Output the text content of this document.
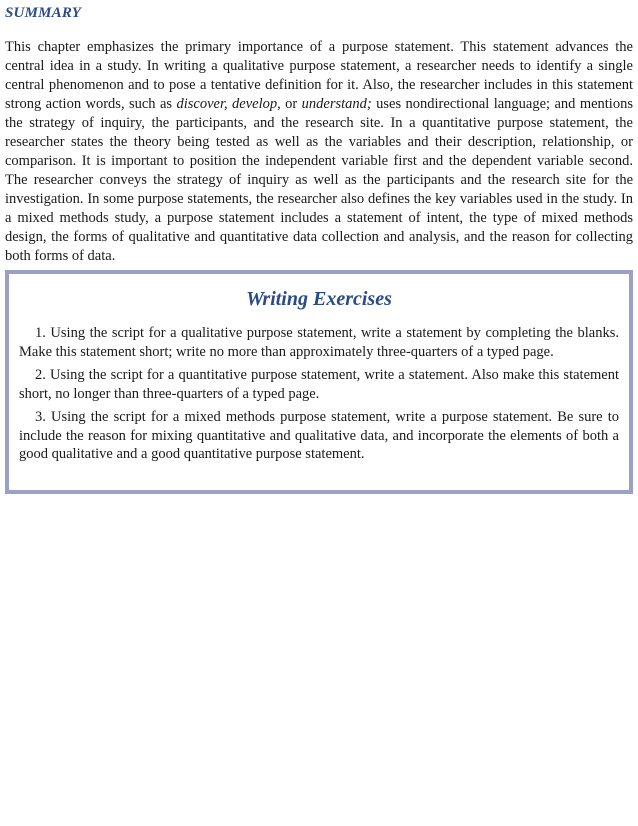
SUMMARY

This chapter emphasizes the primary importance of a purpose statement. This statement advances the central idea in a study. In writing a qualitative purpose statement, a researcher needs to identify a single central phenomenon and to pose a tentative definition for it. Also, the researcher includes in this statement strong action words, such as discover, develop, or understand; uses nondirectional language; and mentions the strategy of inquiry, the participants, and the research site. In a quantitative purpose statement, the researcher states the theory being tested as well as the variables and their description, relationship, or comparison. It is important to position the independent variable first and the dependent variable second. The researcher conveys the strategy of inquiry as well as the participants and the research site for the investigation. In some purpose statements, the researcher also defines the key variables used in the study. In a mixed methods study, a purpose statement includes a statement of intent, the type of mixed methods design, the forms of qualitative and quantitative data collection and analysis, and the reason for collecting both forms of data.

Writing Exercises

1. Using the script for a qualitative purpose statement, write a statement by completing the blanks. Make this statement short; write no more than approximately three-quarters of a typed page.

2. Using the script for a quantitative purpose statement, write a statement. Also make this statement short, no longer than three-quarters of a typed page.

3. Using the script for a mixed methods purpose statement, write a purpose statement. Be sure to include the reason for mixing quantitative and qualitative data, and incorporate the elements of both a good qualitative and a good quantitative purpose statement.
